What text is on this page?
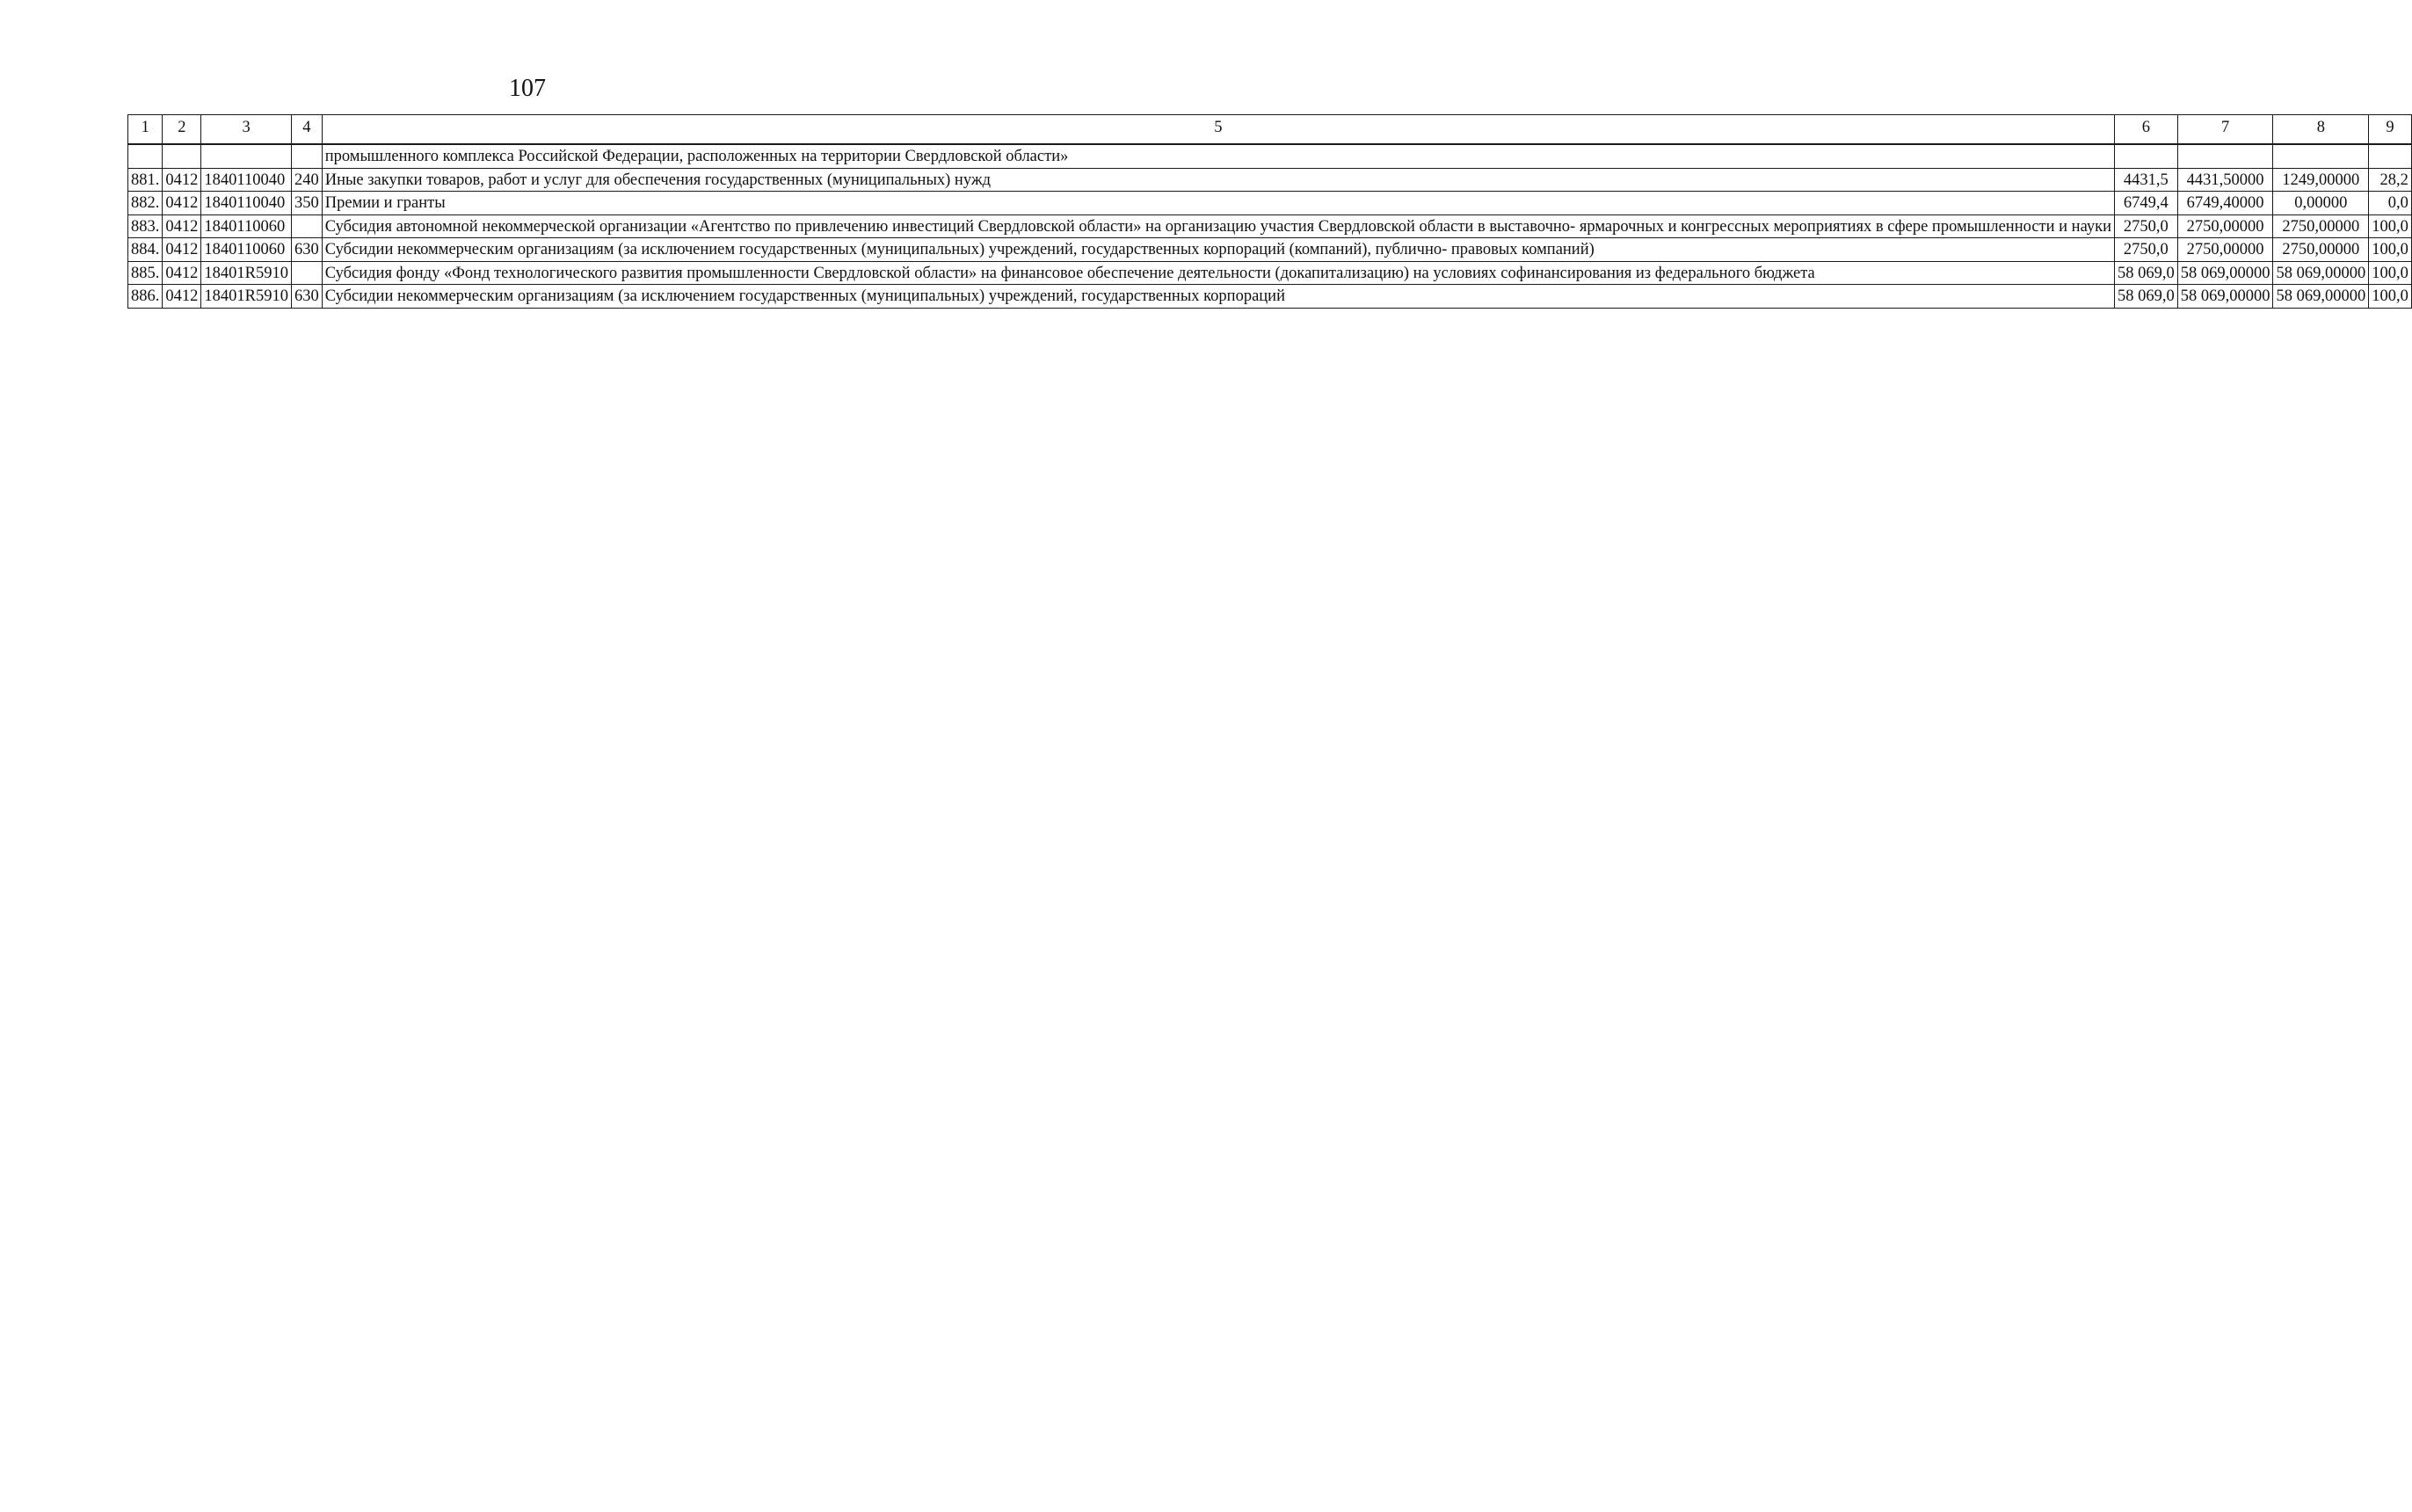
107
1	2	3	4	5	6	7	8	9
				промышленного комплекса Российской Федерации, расположенных на территории Свердловской области»				
881.	0412	1840110040	240	Иные закупки товаров, работ и услуг для обеспечения государственных (муниципальных) нужд	4431,5	4431,50000	1249,00000	28,2
882.	0412	1840110040	350	Премии и гранты	6749,4	6749,40000	0,00000	0,0
883.	0412	1840110060		Субсидия автономной некоммерческой организации «Агентство по привлечению инвестиций Свердловской области» на организацию участия Свердловской области в выставочно- ярмарочных и конгрессных мероприятиях в сфере промышленности и науки	2750,0	2750,00000	2750,00000	100,0
884.	0412	1840110060	630	Субсидии некоммерческим организациям (за исключением государственных (муниципальных) учреждений, государственных корпораций (компаний), публично- правовых компаний)	2750,0	2750,00000	2750,00000	100,0
885.	0412	18401R5910		Субсидия фонду «Фонд технологического развития промышленности Свердловской области» на финансовое обеспечение деятельности (докапитализацию) на условиях софинансирования из федерального бюджета	58 069,0	58 069,00000	58 069,00000	100,0
886.	0412	18401R5910	630	Субсидии некоммерческим организациям (за исключением государственных (муниципальных) учреждений, государственных корпораций	58 069,0	58 069,00000	58 069,00000	100,0
